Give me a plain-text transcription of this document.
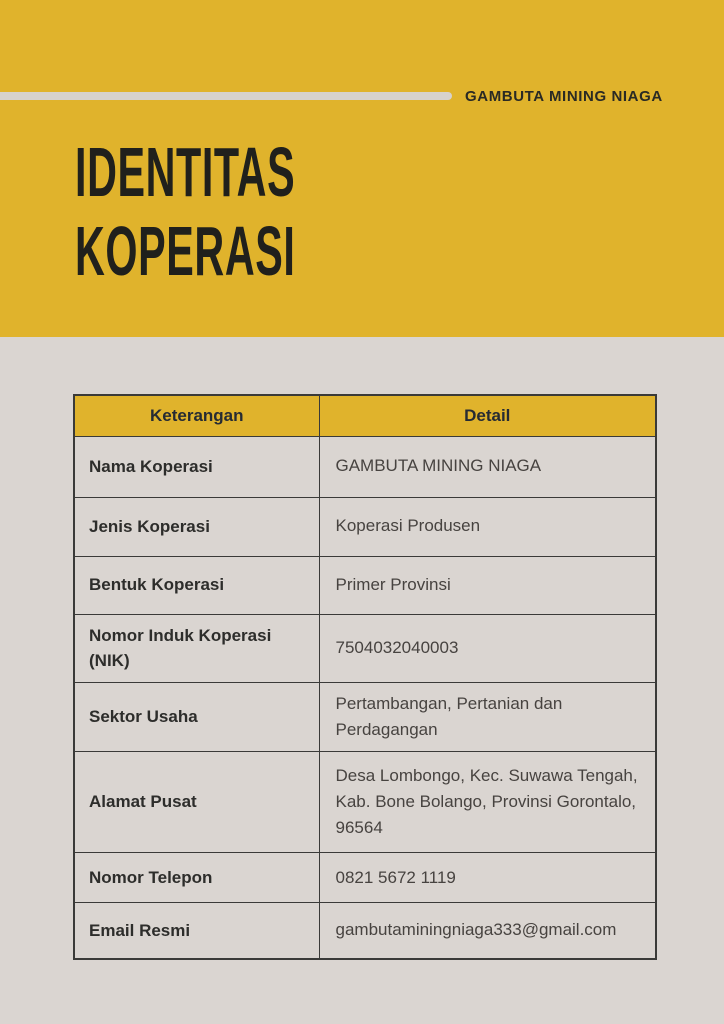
GAMBUTA MINING NIAGA
IDENTITAS
KOPERASI
Keterangan	Detail
Nama Koperasi	GAMBUTA MINING NIAGA
Jenis Koperasi	Koperasi Produsen
Bentuk Koperasi	Primer Provinsi
Nomor Induk Koperasi (NIK)	7504032040003
Sektor Usaha	Pertambangan, Pertanian dan Perdagangan
Alamat Pusat	Desa Lombongo, Kec. Suwawa Tengah, Kab. Bone Bolango, Provinsi Gorontalo, 96564
Nomor Telepon	0821 5672 1119
Email Resmi	gambutaminingniaga333@gmail.com
